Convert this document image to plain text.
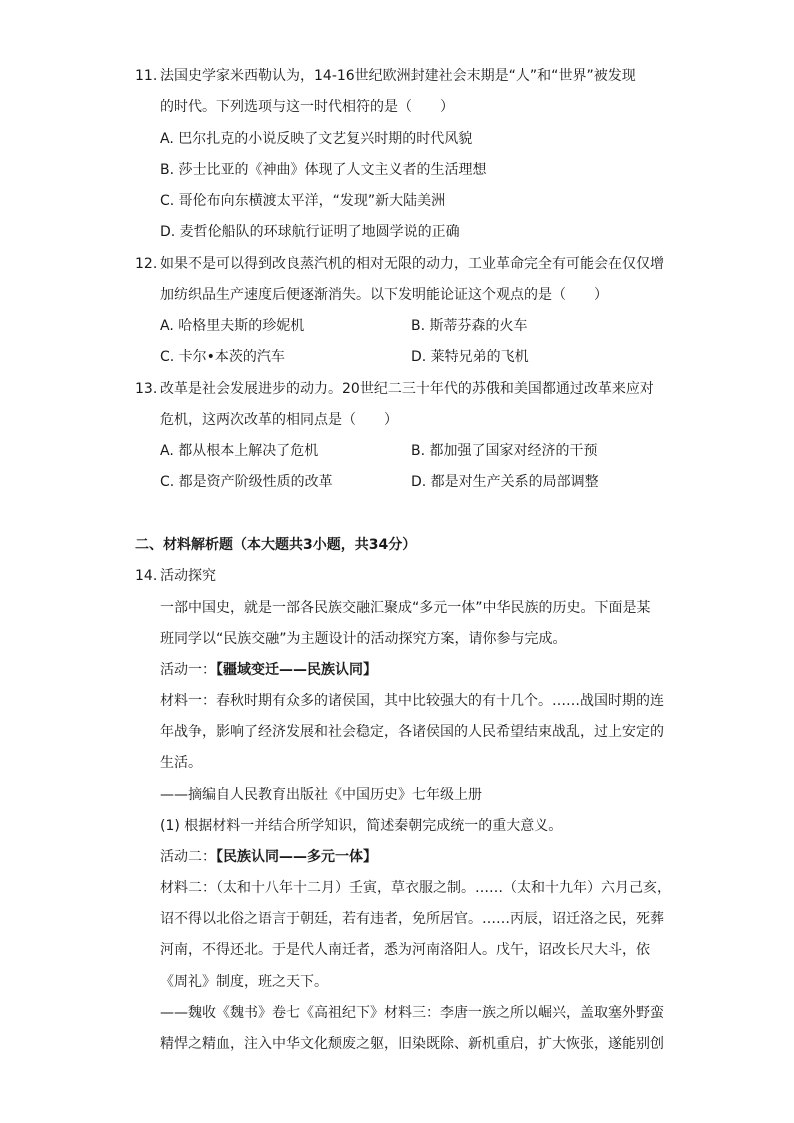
11. 法国史学家米西勒认为，14-16世纪欧洲封建社会末期是“人”和“世界”被发现
的时代。下列选项与这一时代相符的是（　　）
A. 巴尔扎克的小说反映了文艺复兴时期的时代风貌
B. 莎士比亚的《神曲》体现了人文主义者的生活理想
C. 哥伦布向东横渡太平洋，“发现”新大陆美洲
D. 麦哲伦船队的环球航行证明了地圆学说的正确
12. 如果不是可以得到改良蒸汽机的相对无限的动力，工业革命完全有可能会在仅仅增
加纺织品生产速度后便逐渐消失。以下发明能论证这个观点的是（　　）
A. 哈格里夫斯的珍妮机	B. 斯蒂芬森的火车
C. 卡尔•本茨的汽车	D. 莱特兄弟的飞机
13. 改革是社会发展进步的动力。20世纪二三十年代的苏俄和美国都通过改革来应对
危机，这两次改革的相同点是（　　）
A. 都从根本上解决了危机	B. 都加强了国家对经济的干预
C. 都是资产阶级性质的改革	D. 都是对生产关系的局部调整
二、材料解析题（本大题共3小题，共34分）
14. 活动探究
一部中国史，就是一部各民族交融汇聚成“多元一体”中华民族的历史。下面是某
班同学以“民族交融”为主题设计的活动探究方案，请你参与完成。
活动一：【疆域变迁——民族认同】
材料一：春秋时期有众多的诸侯国，其中比较强大的有十几个。……战国时期的连
年战争，影响了经济发展和社会稳定，各诸侯国的人民希望结束战乱，过上安定的
生活。
——摘编自人民教育出版社《中国历史》七年级上册
(1) 根据材料一并结合所学知识，简述秦朝完成统一的重大意义。
活动二：【民族认同——多元一体】
材料二：（太和十八年十二月）壬寅，草衣服之制。……（太和十九年）六月己亥，
诏不得以北俗之语言于朝廷，若有违者，免所居官。……丙辰，诏迁洛之民，死葬
河南，不得还北。于是代人南迁者，悉为河南洛阳人。戊午，诏改长尺大斗，依
《周礼》制度，班之天下。
——魏收《魏书》卷七《高祖纪下》材料三：李唐一族之所以崛兴，盖取塞外野蛮
精悍之精血，注入中华文化颓废之躯，旧染既除、新机重启，扩大恢张，遂能别创
